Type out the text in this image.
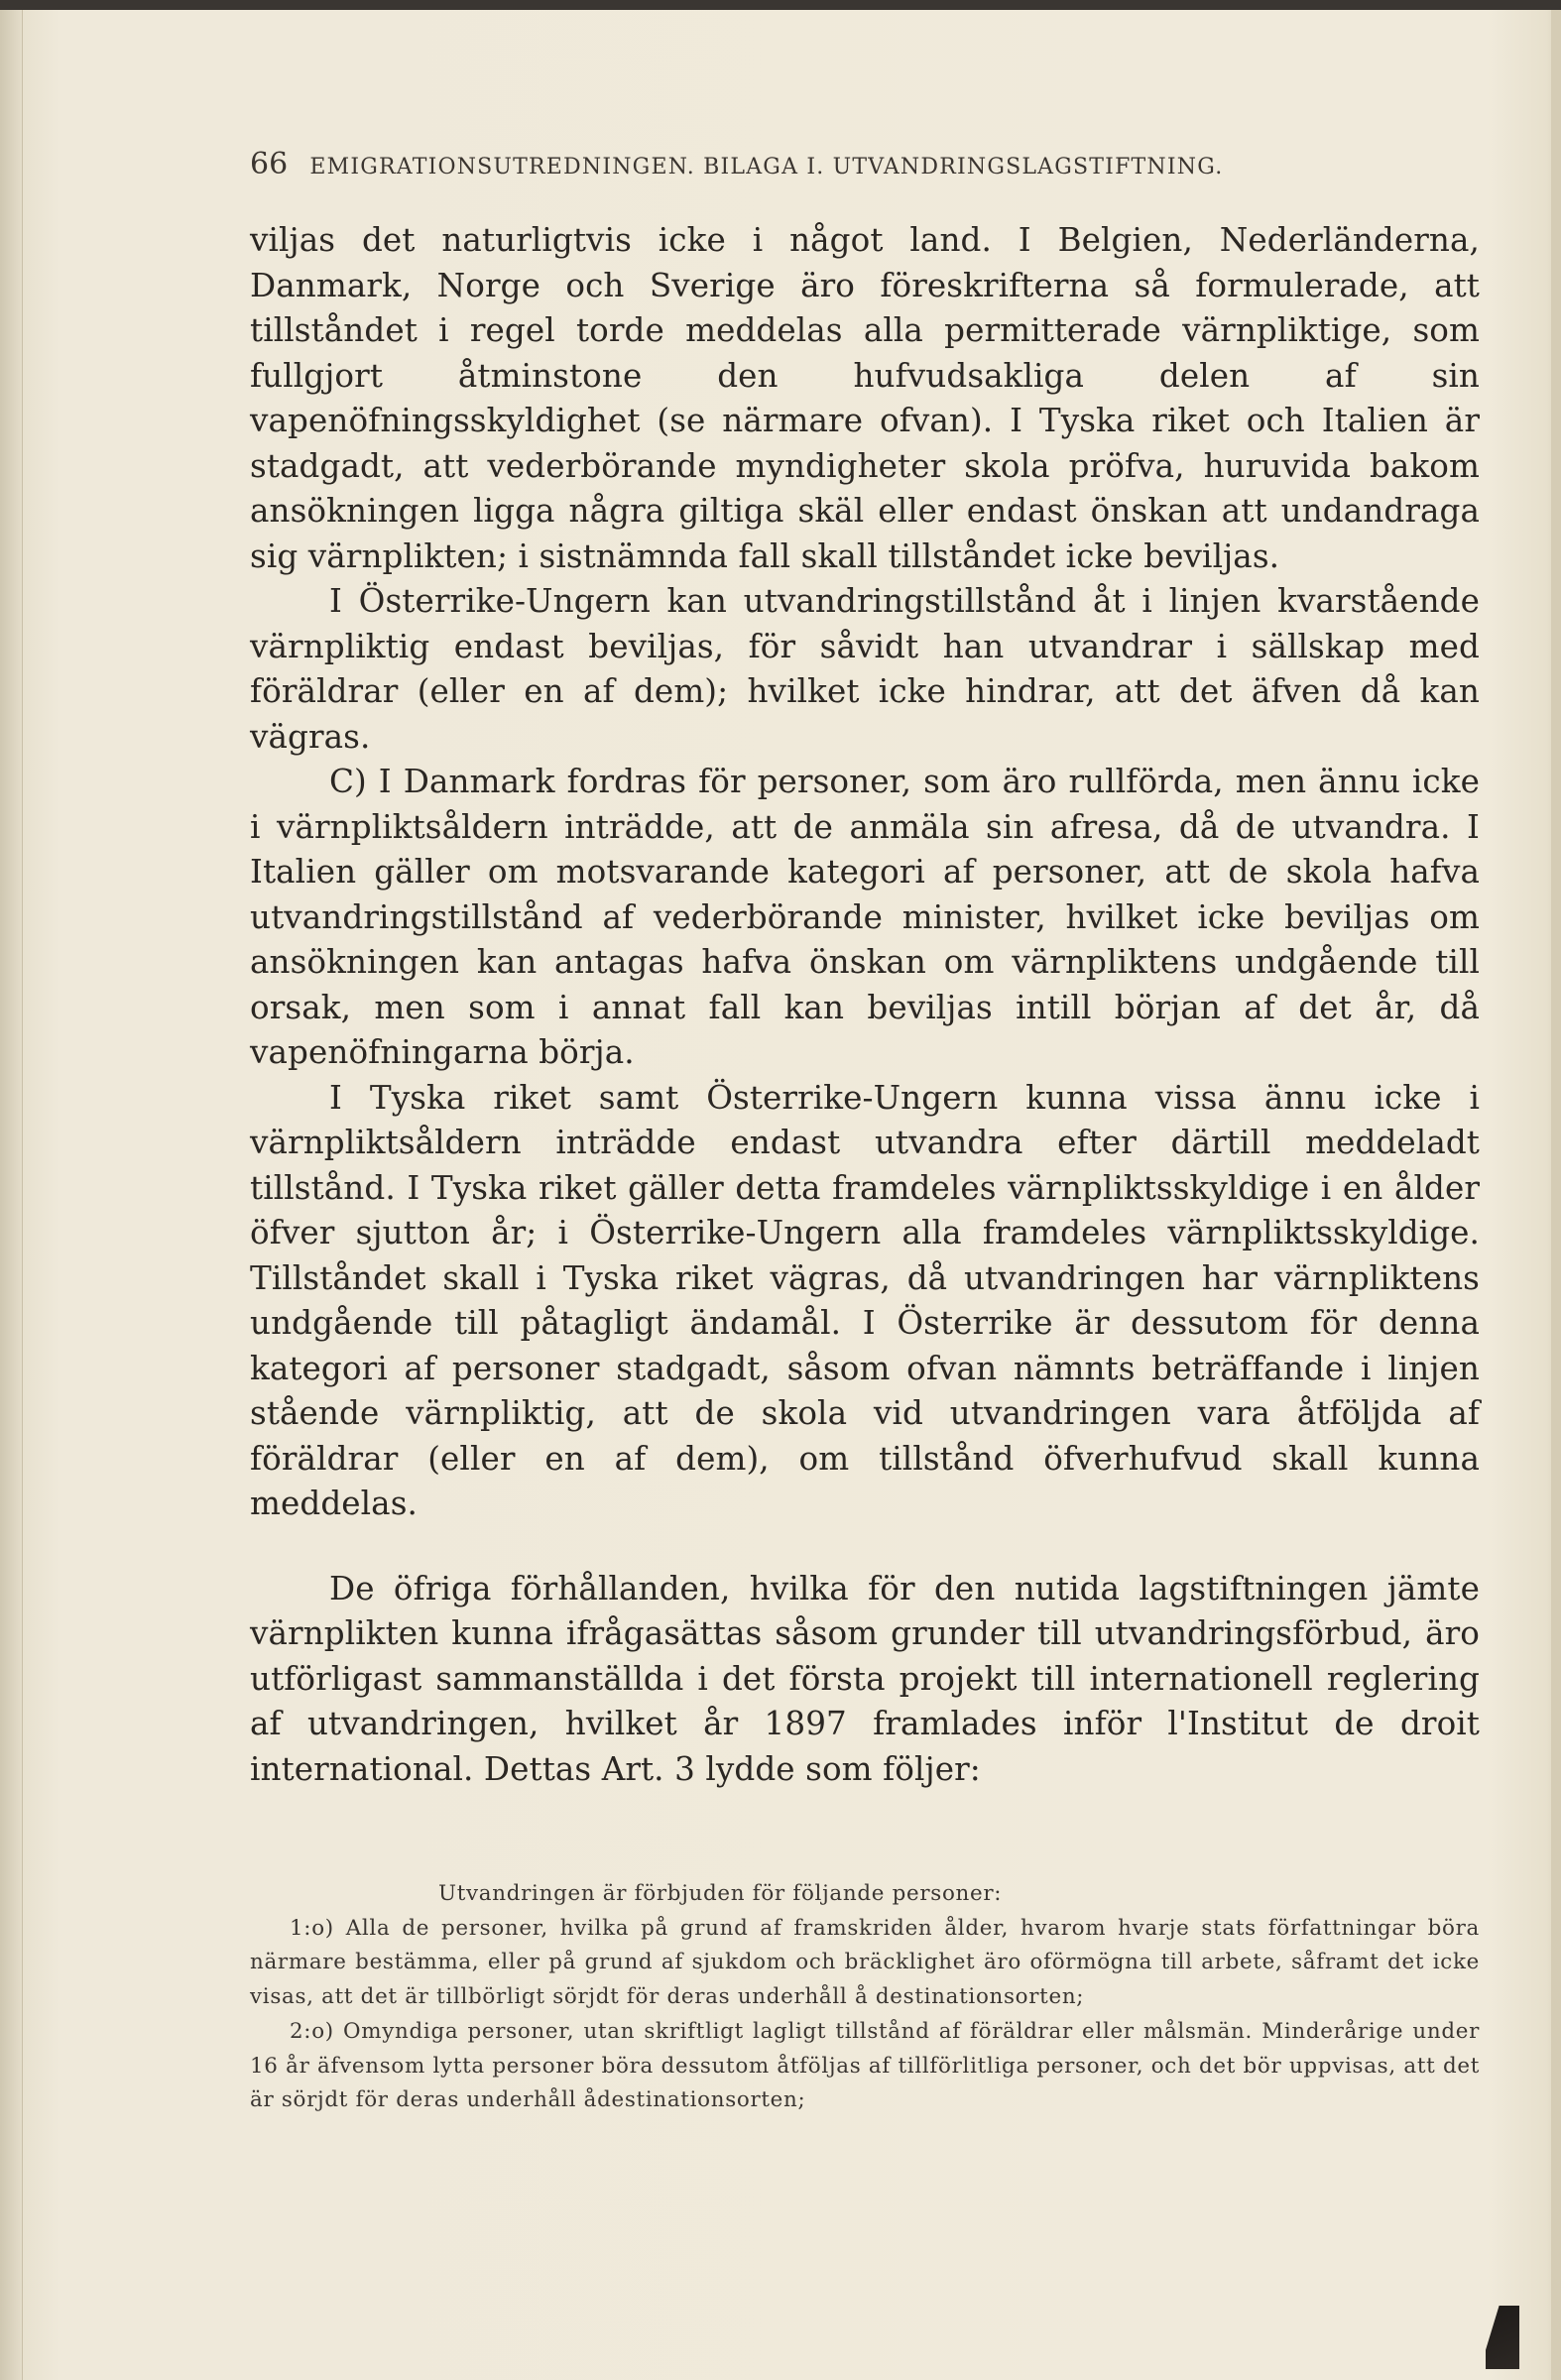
66 EMIGRATIONSUTREDNINGEN. BILAGA I. UTVANDRINGSLAGSTIFTNING.

viljas det naturligtvis icke i något land. I Belgien, Nederländerna, Danmark, Norge och Sverige äro föreskrifterna så formulerade, att tillståndet i regel torde meddelas alla permitterade värnpliktige, som fullgjort åtminstone den hufvudsakliga delen af sin vapenöfningsskyldighet (se närmare ofvan). I Tyska riket och Italien är stadgadt, att vederbörande myndigheter skola pröfva, huruvida bakom ansökningen ligga några giltiga skäl eller endast önskan att undandraga sig värnplikten; i sistnämnda fall skall tillståndet icke beviljas.

I Österrike-Ungern kan utvandringstillstånd åt i linjen kvarstående värnpliktig endast beviljas, för såvidt han utvandrar i sällskap med föräldrar (eller en af dem); hvilket icke hindrar, att det äfven då kan vägras.

C) I Danmark fordras för personer, som äro rullförda, men ännu icke i värnpliktsåldern inträdde, att de anmäla sin afresa, då de utvandra. I Italien gäller om motsvarande kategori af personer, att de skola hafva utvandringstillstånd af vederbörande minister, hvilket icke beviljas om ansökningen kan antagas hafva önskan om värnpliktens undgående till orsak, men som i annat fall kan beviljas intill början af det år, då vapenöfningarna börja.

I Tyska riket samt Österrike-Ungern kunna vissa ännu icke i värnpliktsåldern inträdde endast utvandra efter därtill meddeladt tillstånd. I Tyska riket gäller detta framdeles värnpliktsskyldige i en ålder öfver sjutton år; i Österrike-Ungern alla framdeles värnpliktsskyldige. Tillståndet skall i Tyska riket vägras, då utvandringen har värnpliktens undgående till påtagligt ändamål. I Österrike är dessutom för denna kategori af personer stadgadt, såsom ofvan nämnts beträffande i linjen stående värnpliktig, att de skola vid utvandringen vara åtföljda af föräldrar (eller en af dem), om tillstånd öfverhufvud skall kunna meddelas.

De öfriga förhållanden, hvilka för den nutida lagstiftningen jämte värnplikten kunna ifrågasättas såsom grunder till utvandringsförbud, äro utförligast sammanställda i det första projekt till internationell reglering af utvandringen, hvilket år 1897 framlades inför l'Institut de droit international. Dettas Art. 3 lydde som följer:

Utvandringen är förbjuden för följande personer:

1:o) Alla de personer, hvilka på grund af framskriden ålder, hvarom hvarje stats författningar böra närmare bestämma, eller på grund af sjukdom och bräcklighet äro oförmögna till arbete, såframt det icke visas, att det är tillbörligt sörjdt för deras underhåll å destinationsorten;

2:o) Omyndiga personer, utan skriftligt lagligt tillstånd af föräldrar eller målsmän. Minderårige under 16 år äfvensom lytta personer böra dessutom åtföljas af tillförlitliga personer, och det bör uppvisas, att det är sörjdt för deras underhåll ådestinationsorten;
